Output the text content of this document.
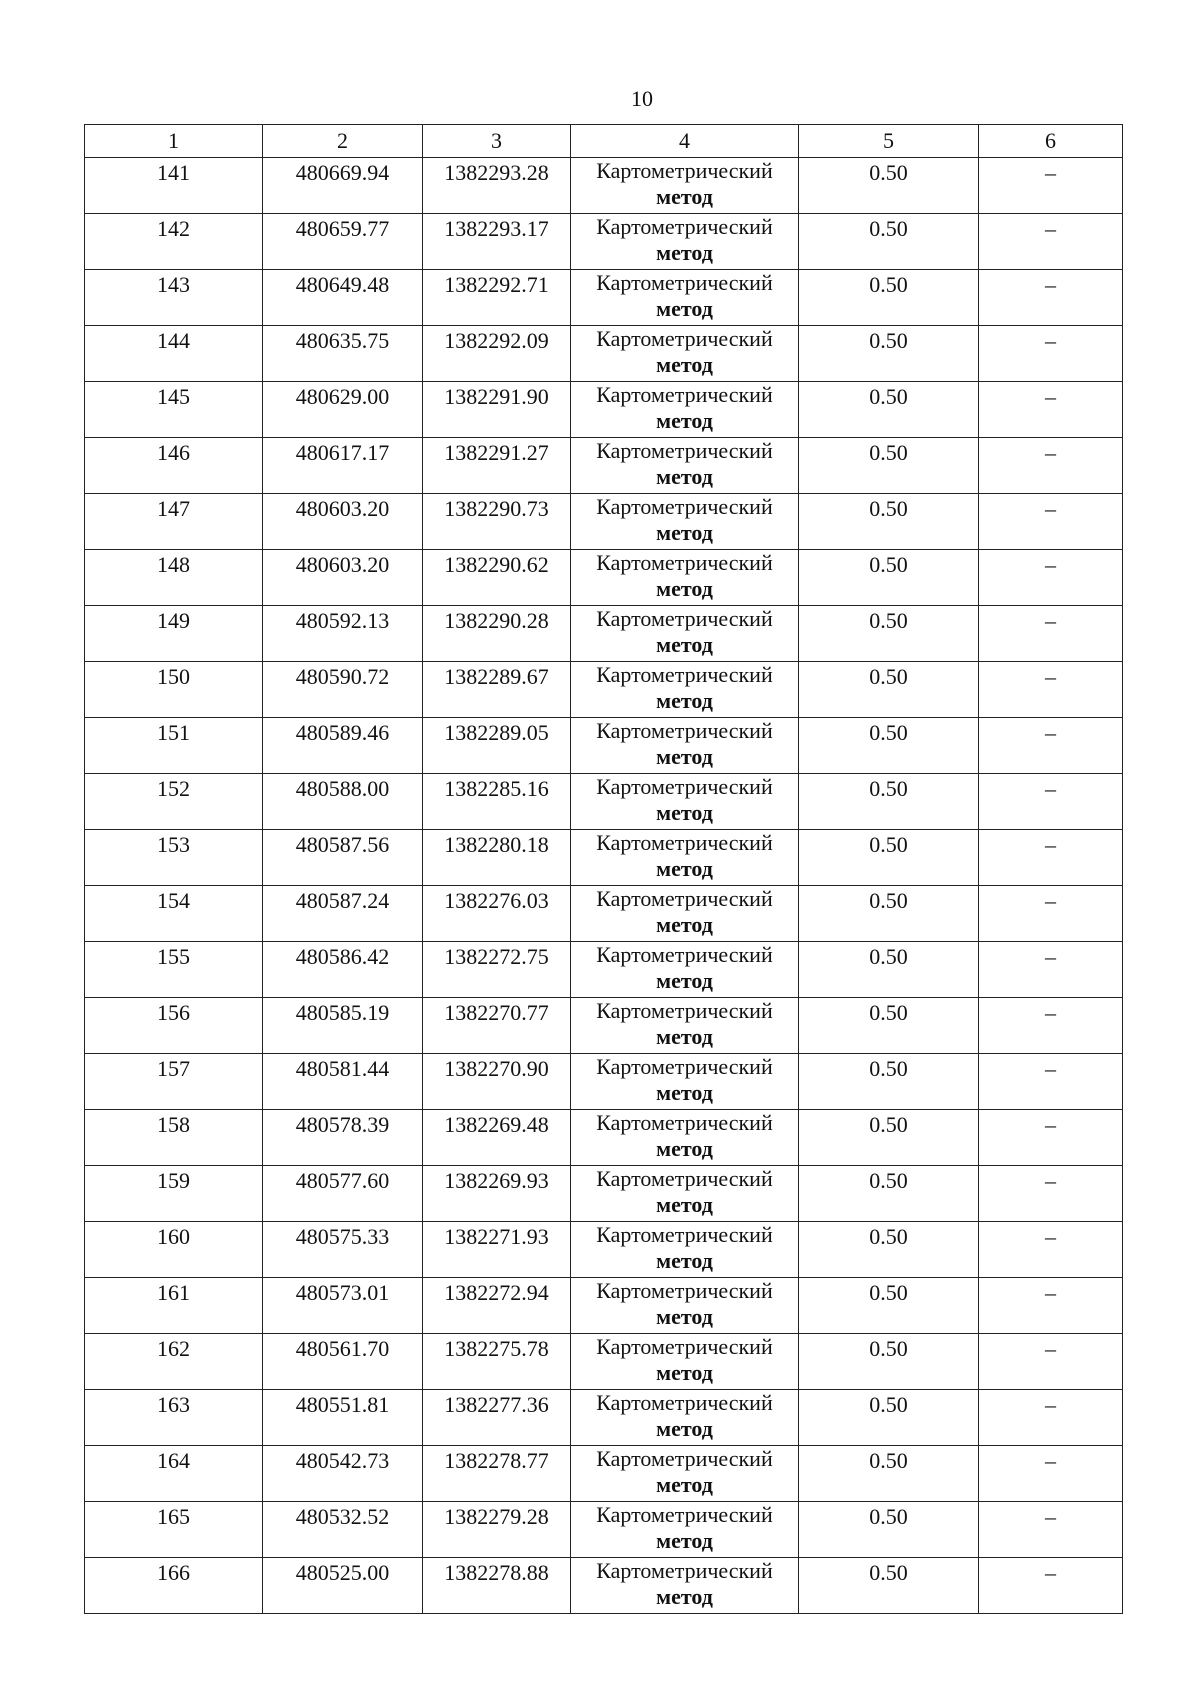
10
1	2	3	4	5	6

141	480669.94	1382293.28	Картометрический
метод	0.50	–

142	480659.77	1382293.17	Картометрический
метод	0.50	–

143	480649.48	1382292.71	Картометрический
метод	0.50	–

144	480635.75	1382292.09	Картометрический
метод	0.50	–

145	480629.00	1382291.90	Картометрический
метод	0.50	–

146	480617.17	1382291.27	Картометрический
метод	0.50	–

147	480603.20	1382290.73	Картометрический
метод	0.50	–

148	480603.20	1382290.62	Картометрический
метод	0.50	–

149	480592.13	1382290.28	Картометрический
метод	0.50	–

150	480590.72	1382289.67	Картометрический
метод	0.50	–

151	480589.46	1382289.05	Картометрический
метод	0.50	–

152	480588.00	1382285.16	Картометрический
метод	0.50	–

153	480587.56	1382280.18	Картометрический
метод	0.50	–

154	480587.24	1382276.03	Картометрический
метод	0.50	–

155	480586.42	1382272.75	Картометрический
метод	0.50	–

156	480585.19	1382270.77	Картометрический
метод	0.50	–

157	480581.44	1382270.90	Картометрический
метод	0.50	–

158	480578.39	1382269.48	Картометрический
метод	0.50	–

159	480577.60	1382269.93	Картометрический
метод	0.50	–

160	480575.33	1382271.93	Картометрический
метод	0.50	–

161	480573.01	1382272.94	Картометрический
метод	0.50	–

162	480561.70	1382275.78	Картометрический
метод	0.50	–

163	480551.81	1382277.36	Картометрический
метод	0.50	–

164	480542.73	1382278.77	Картометрический
метод	0.50	–

165	480532.52	1382279.28	Картометрический
метод	0.50	–

166	480525.00	1382278.88	Картометрический
метод	0.50	–
